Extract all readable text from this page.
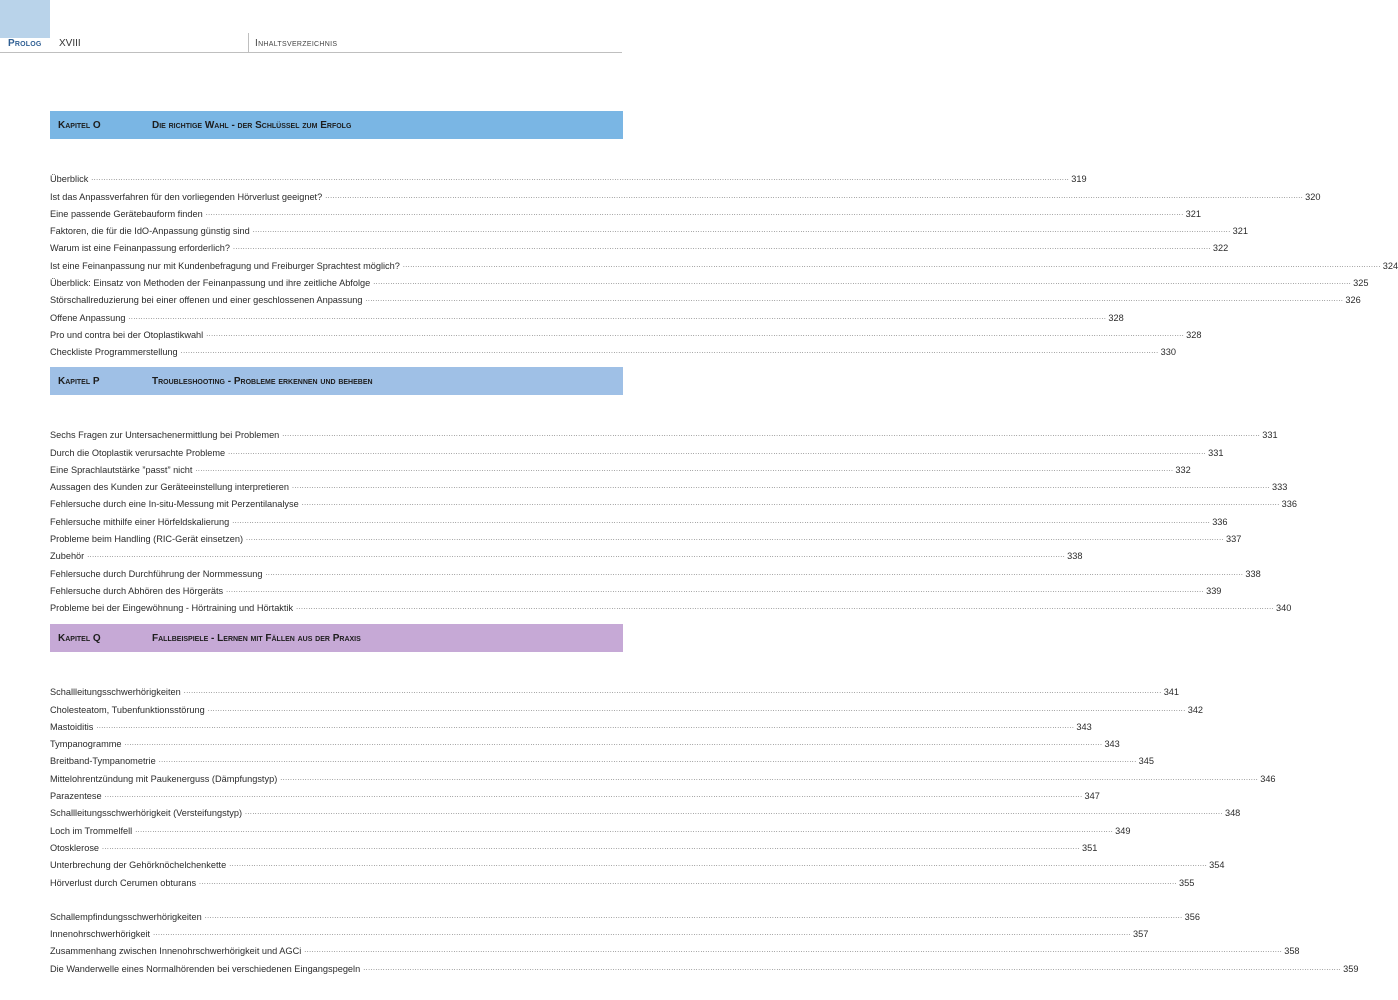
Prolog XVIII	Inhaltsverzeichnis
Kapitel O	Die richtige Wahl - der Schlüssel zum Erfolg
Überblick ................................................................................................................................................................................................................................................................................................................................................................................................................ 319
Ist das Anpassverfahren für den vorliegenden Hörverlust geeignet? ................................................................................................................................................................................................................................................................................................................................................................................................................ 320
Eine passende Gerätebauform finden ................................................................................................................................................................................................................................................................................................................................................................................................................ 321
Faktoren, die für die IdO-Anpassung günstig sind ................................................................................................................................................................................................................................................................................................................................................................................................................ 321
Warum ist eine Feinanpassung erforderlich? ................................................................................................................................................................................................................................................................................................................................................................................................................ 322
Ist eine Feinanpassung nur mit Kundenbefragung und Freiburger Sprachtest möglich? ................................................................................................................................................................................................................................................................................................................................................................................................................ 324
Überblick: Einsatz von Methoden der Feinanpassung und ihre zeitliche Abfolge ................................................................................................................................................................................................................................................................................................................................................................................................................ 325
Störschallreduzierung bei einer offenen und einer geschlossenen Anpassung ................................................................................................................................................................................................................................................................................................................................................................................................................ 326
Offene Anpassung ................................................................................................................................................................................................................................................................................................................................................................................................................ 328
Pro und contra bei der Otoplastikwahl ................................................................................................................................................................................................................................................................................................................................................................................................................ 328
Checkliste Programmerstellung ................................................................................................................................................................................................................................................................................................................................................................................................................ 330
Kapitel P	Troubleshooting - Probleme erkennen und beheben
Sechs Fragen zur Untersachenermittlung bei Problemen ................................................................................................................................................................................................................................................................................................................................................................................................................ 331
Durch die Otoplastik verursachte Probleme ................................................................................................................................................................................................................................................................................................................................................................................................................ 331
Eine Sprachlautstärke ”passt” nicht ................................................................................................................................................................................................................................................................................................................................................................................................................ 332
Aussagen des Kunden zur Geräteeinstellung interpretieren ................................................................................................................................................................................................................................................................................................................................................................................................................ 333
Fehlersuche durch eine In-situ-Messung mit Perzentilanalyse ................................................................................................................................................................................................................................................................................................................................................................................................................ 336
Fehlersuche mithilfe einer Hörfeldskalierung ................................................................................................................................................................................................................................................................................................................................................................................................................ 336
Probleme beim Handling (RIC-Gerät einsetzen) ................................................................................................................................................................................................................................................................................................................................................................................................................ 337
Zubehör ................................................................................................................................................................................................................................................................................................................................................................................................................ 338
Fehlersuche durch Durchführung der Normmessung ................................................................................................................................................................................................................................................................................................................................................................................................................ 338
Fehlersuche durch Abhören des Hörgeräts ................................................................................................................................................................................................................................................................................................................................................................................................................ 339
Probleme bei der Eingewöhnung - Hörtraining und Hörtaktik ................................................................................................................................................................................................................................................................................................................................................................................................................ 340
Kapitel Q	Fallbeispiele - Lernen mit Fällen aus der Praxis
Schallleitungsschwerhörigkeiten ................................................................................................................................................................................................................................................................................................................................................................................................................ 341
Cholesteatom, Tubenfunktionsstörung ................................................................................................................................................................................................................................................................................................................................................................................................................ 342
Mastoiditis ................................................................................................................................................................................................................................................................................................................................................................................................................ 343
Tympanogramme ................................................................................................................................................................................................................................................................................................................................................................................................................ 343
Breitband-Tympanometrie ................................................................................................................................................................................................................................................................................................................................................................................................................ 345
Mittelohrentzündung mit Paukenerguss (Dämpfungstyp) ................................................................................................................................................................................................................................................................................................................................................................................................................ 346
Parazentese ................................................................................................................................................................................................................................................................................................................................................................................................................ 347
Schallleitungsschwerhörigkeit (Versteifungstyp) ................................................................................................................................................................................................................................................................................................................................................................................................................ 348
Loch im Trommelfell ................................................................................................................................................................................................................................................................................................................................................................................................................ 349
Otosklerose ................................................................................................................................................................................................................................................................................................................................................................................................................ 351
Unterbrechung der Gehörknöchelchenkette ................................................................................................................................................................................................................................................................................................................................................................................................................ 354
Hörverlust durch Cerumen obturans ................................................................................................................................................................................................................................................................................................................................................................................................................ 355
Schallempfindungsschwerhörigkeiten ................................................................................................................................................................................................................................................................................................................................................................................................................ 356
Innenohrschwerhörigkeit ................................................................................................................................................................................................................................................................................................................................................................................................................ 357
Zusammenhang zwischen Innenohrschwerhörigkeit und AGCi ................................................................................................................................................................................................................................................................................................................................................................................................................ 358
Die Wanderwelle eines Normalhörenden bei verschiedenen Eingangspegeln ................................................................................................................................................................................................................................................................................................................................................................................................................ 359
